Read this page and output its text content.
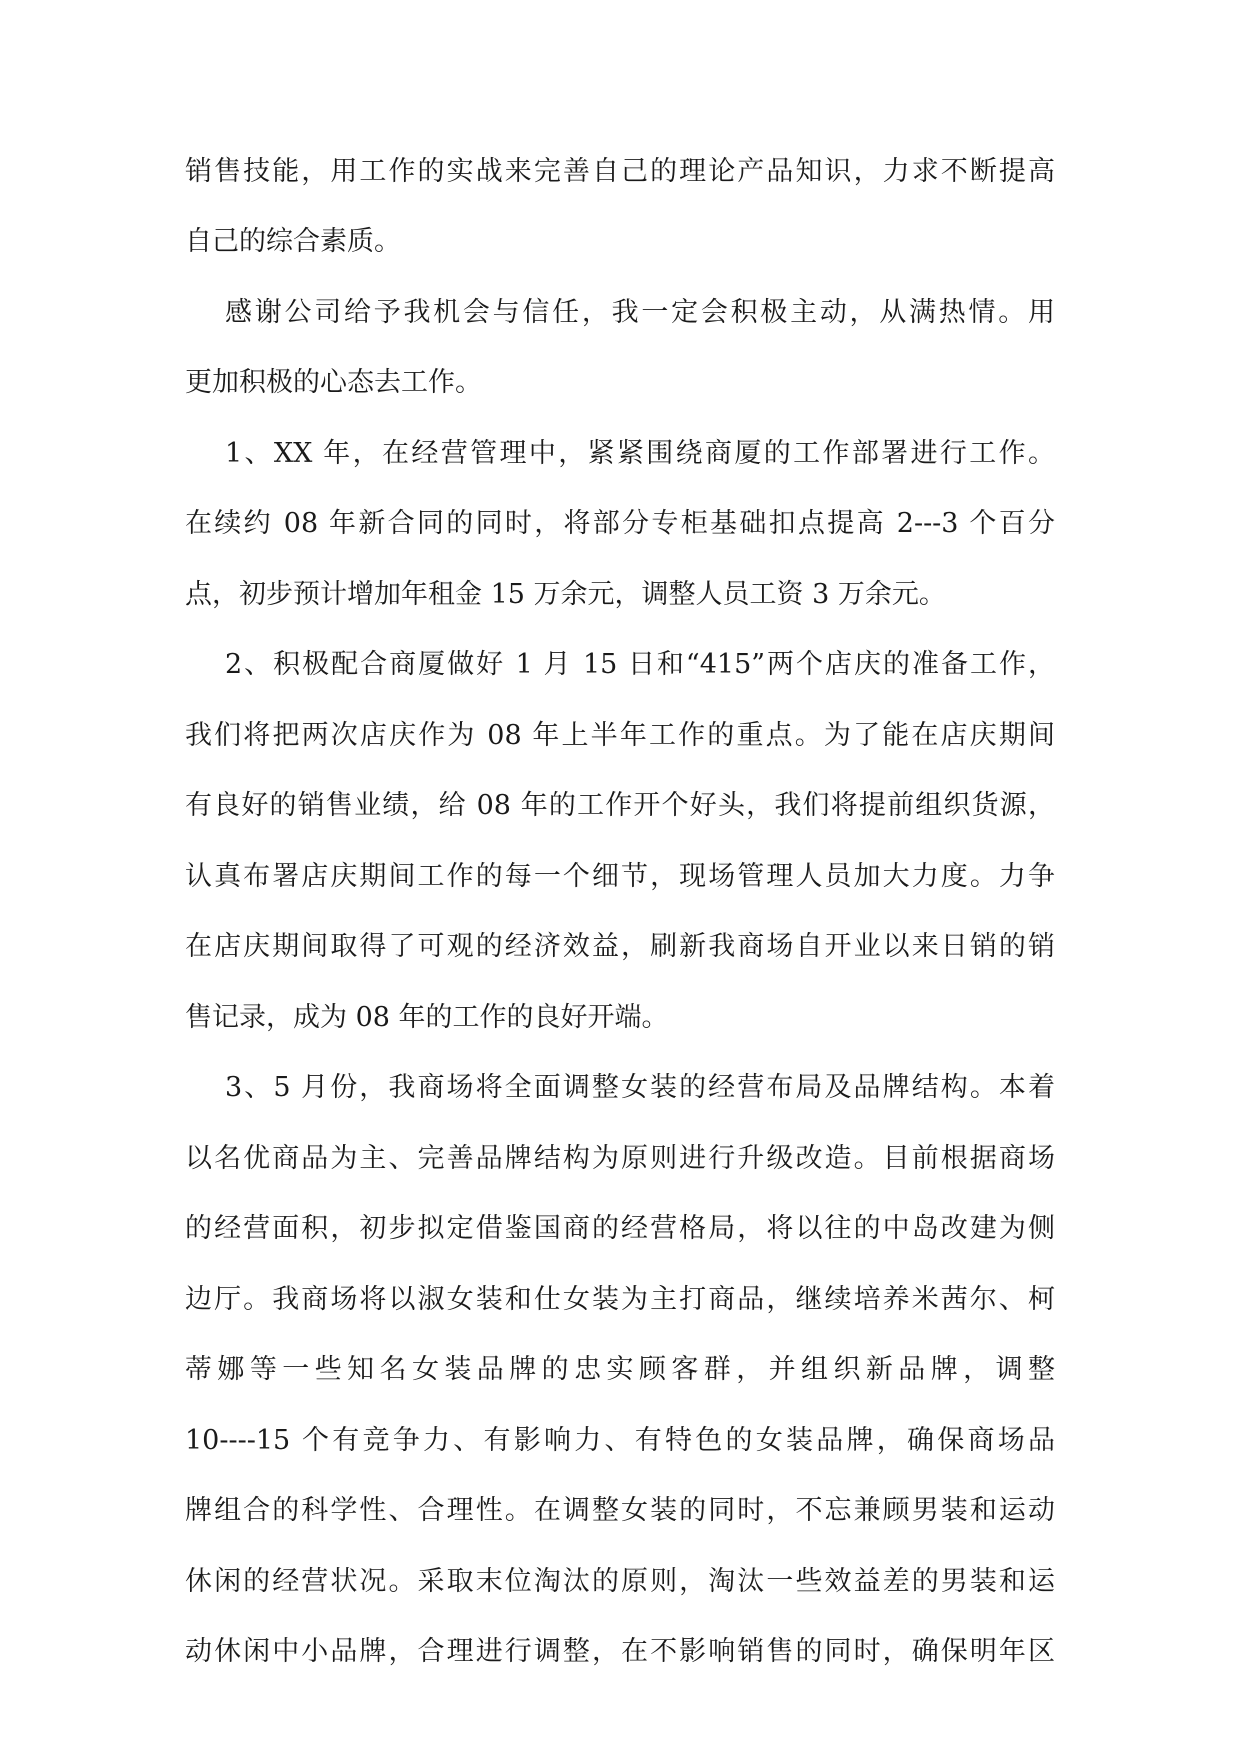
销售技能，用工作的实战来完善自己的理论产品知识，力求不断提高
自己的综合素质。
感谢公司给予我机会与信任，我一定会积极主动，从满热情。用
更加积极的心态去工作。
1、XX 年，在经营管理中，紧紧围绕商厦的工作部署进行工作。
在续约 08 年新合同的同时，将部分专柜基础扣点提高 2---3 个百分
点，初步预计增加年租金 15 万余元，调整人员工资 3 万余元。
2、积极配合商厦做好 1 月 15 日和“415”两个店庆的准备工作，
我们将把两次店庆作为 08 年上半年工作的重点。为了能在店庆期间
有良好的销售业绩，给 08 年的工作开个好头，我们将提前组织货源，
认真布署店庆期间工作的每一个细节，现场管理人员加大力度。力争
在店庆期间取得了可观的经济效益，刷新我商场自开业以来日销的销
售记录，成为 08 年的工作的良好开端。
3、5 月份，我商场将全面调整女装的经营布局及品牌结构。本着
以名优商品为主、完善品牌结构为原则进行升级改造。目前根据商场
的经营面积，初步拟定借鉴国商的经营格局，将以往的中岛改建为侧
边厅。我商场将以淑女装和仕女装为主打商品，继续培养米茜尔、柯
蒂娜等一些知名女装品牌的忠实顾客群，并组织新品牌，调整
10----15 个有竞争力、有影响力、有特色的女装品牌，确保商场品
牌组合的科学性、合理性。在调整女装的同时，不忘兼顾男装和运动
休闲的经营状况。采取末位淘汰的原则，淘汰一些效益差的男装和运
动休闲中小品牌，合理进行调整，在不影响销售的同时，确保明年区
